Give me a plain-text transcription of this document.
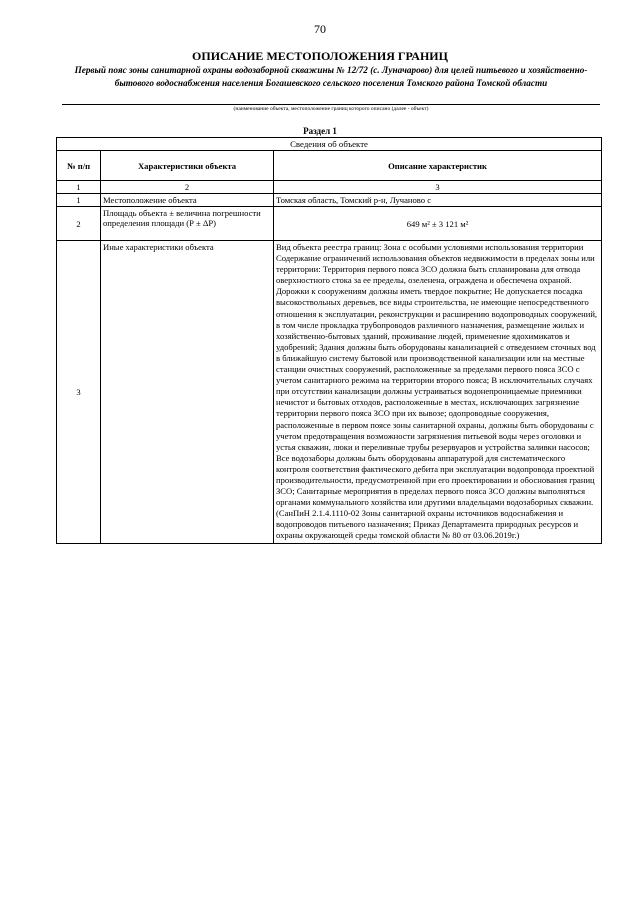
70
ОПИСАНИЕ МЕСТОПОЛОЖЕНИЯ ГРАНИЦ
Первый пояс зоны санитарной охраны водозаборной скважины № 12/72 (с. Луначарово) для целей питьевого и хозяйственно-бытового водоснабжения населения Богашевского сельского поселения Томского района Томской области
(наименование объекта, местоположение границ которого описано (далее - объект)
Раздел 1
Сведения об объекте		
№ п/п	Характеристики объекта	Описание характеристик
1	2	3
1	Местоположение объекта	Томская область, Томский р-н, Лучаново с
2	Площадь объекта ± величина погрешности определения площади (Р ± ΔР)	649 м² ± 3 121 м²
3	Иные характеристики объекта	Вид объекта реестра границ: Зона с особыми условиями использования территории
Содержание ограничений использования объектов недвижимости в пределах зоны или территории: Территория первого пояса ЗСО должна быть спланирована для отвода оверхностного стока за ее пределы, озеленена, ограждена и обеспечена охраной. Дорожки к сооружениям должны иметь твердое покрытие; Не допускается посадка высокоствольных деревьев, все виды строительства, не имеющие непосредственного отношения к эксплуатации, реконструкции и расширению водопроводных сооружений, в том числе прокладка трубопроводов различного назначения, размещение жилых и хозяйственно-бытовых зданий, проживание людей, применение ядохимикатов и удобрений; Здания должны быть оборудованы канализацией с отведением сточных вод в ближайшую систему бытовой или производственной канализации или на местные станции очистных сооружений, расположенные за пределами первого пояса ЗСО с учетом санитарного режима на территории второго пояса; В исключительных случаях при отсутствии канализации должны устраиваться водонепроницаемые приемники нечистот и бытовых отходов, расположенные в местах, исключающих загрязнение территории первого пояса ЗСО при их вывозе; одопроводные сооружения, расположенные в первом поясе зоны санитарной охраны, должны быть оборудованы с учетом предотвращения возможности загрязнения питьевой воды через оголовки и устья скважин, люки и переливные трубы резервуаров и устройства заливки насосов; Все водозаборы должны быть оборудованы аппаратурой для систематического контроля соответствия фактического дебита при эксплуатации водопровода проектной производительности, предусмотренной при его проектировании и обоснования границ ЗСО; Санитарные мероприятия в пределах первого пояса ЗСО должны выполняться органами коммунального хозяйства или другими владельцами водозаборных скважин. (СанПиН 2.1.4.1110-02 Зоны санитарной охраны источников водоснабжения и водопроводов питьевого назначения; Приказ Департамента природных ресурсов и охраны окружающей среды томской области № 80 от 03.06.2019г.)
